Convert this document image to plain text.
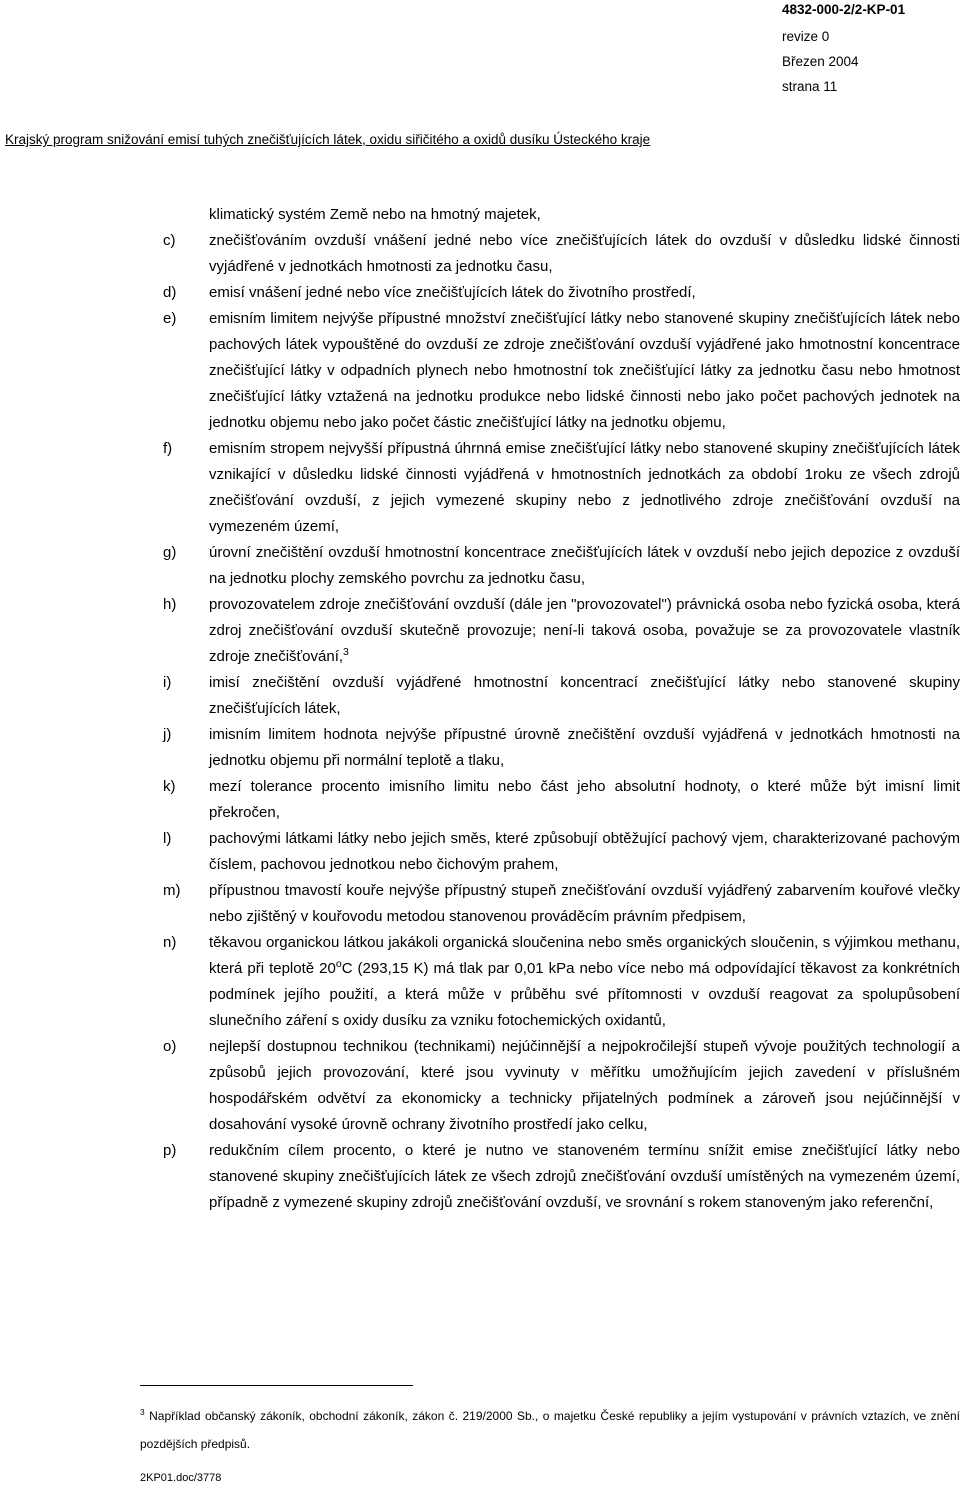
4832-000-2/2-KP-01
revize 0
Březen 2004
strana 11
Krajský program snižování emisí tuhých znečišťujících látek, oxidu siřičitého a oxidů dusíku Ústeckého kraje

klimatický systém Země nebo na hmotný majetek,

c)	znečišťováním ovzduší vnášení jedné nebo více znečišťujících látek do ovzduší v důsledku lidské činnosti vyjádřené v jednotkách hmotnosti za jednotku času,
d)	emisí vnášení jedné nebo více znečišťujících látek do životního prostředí,
e)	emisním limitem nejvýše přípustné množství znečišťující látky nebo stanovené skupiny znečišťujících látek nebo pachových látek vypouštěné do ovzduší ze zdroje znečišťování ovzduší vyjádřené jako hmotnostní koncentrace znečišťující látky v odpadních plynech nebo hmotnostní tok znečišťující látky za jednotku času nebo hmotnost znečišťující látky vztažená na jednotku produkce nebo lidské činnosti nebo jako počet pachových jednotek na jednotku objemu nebo jako počet částic znečišťující látky na jednotku objemu,
f)	emisním stropem nejvyšší přípustná úhrnná emise znečišťující látky nebo stanovené skupiny znečišťujících látek vznikající v důsledku lidské činnosti vyjádřená v hmotnostních jednotkách za období 1roku ze všech zdrojů znečišťování ovzduší, z jejich vymezené skupiny nebo z jednotlivého zdroje znečišťování ovzduší na vymezeném území,
g)	úrovní znečištění ovzduší hmotnostní koncentrace znečišťujících látek v ovzduší nebo jejich depozice z ovzduší na jednotku plochy zemského povrchu za jednotku času,
h)	provozovatelem zdroje znečišťování ovzduší (dále jen "provozovatel") právnická osoba nebo fyzická osoba, která zdroj znečišťování ovzduší skutečně provozuje; není-li taková osoba, považuje se za provozovatele vlastník zdroje znečišťování,$^3$
i)	imisí znečištění ovzduší vyjádřené hmotnostní koncentrací znečišťující látky nebo stanovené skupiny znečišťujících látek,
j)	imisním limitem hodnota nejvýše přípustné úrovně znečištění ovzduší vyjádřená v jednotkách hmotnosti na jednotku objemu při normální teplotě a tlaku,
k)	mezí tolerance procento imisního limitu nebo část jeho absolutní hodnoty, o které může být imisní limit překročen,
l)	pachovými látkami látky nebo jejich směs, které způsobují obtěžující pachový vjem, charakterizované pachovým číslem, pachovou jednotkou nebo čichovým prahem,
m)	přípustnou tmavostí kouře nejvýše přípustný stupeň znečišťování ovzduší vyjádřený zabarvením kouřové vlečky nebo zjištěný v kouřovodu metodou stanovenou prováděcím právním předpisem,
n)	těkavou organickou látkou jakákoli organická sloučenina nebo směs organických sloučenin, s výjimkou methanu, která při teplotě 20$^o$C (293,15 K) má tlak par 0,01 kPa nebo více nebo má odpovídající těkavost za konkrétních podmínek jejího použití, a která může v průběhu své přítomnosti v ovzduší reagovat za spolupůsobení slunečního záření s oxidy dusíku za vzniku fotochemických oxidantů,
o)	nejlepší dostupnou technikou (technikami) nejúčinnější a nejpokročilejší stupeň vývoje použitých technologií a způsobů jejich provozování, které jsou vyvinuty v měřítku umožňujícím jejich zavedení v příslušném hospodářském odvětví za ekonomicky a technicky přijatelných podmínek a zároveň jsou nejúčinnější v dosahování vysoké úrovně ochrany životního prostředí jako celku,
p)	redukčním cílem procento, o které je nutno ve stanoveném termínu snížit emise znečišťující látky nebo stanovené skupiny znečišťujících látek ze všech zdrojů znečišťování ovzduší umístěných na vymezeném území, případně z vymezené skupiny zdrojů znečišťování ovzduší, ve srovnání s rokem stanoveným jako referenční,
$^3$ Například občanský zákoník, obchodní zákoník, zákon č. 219/2000 Sb., o majetku České republiky a jejím vystupování v právních vztazích, ve znění pozdějších předpisů.
2KP01.doc/3778
